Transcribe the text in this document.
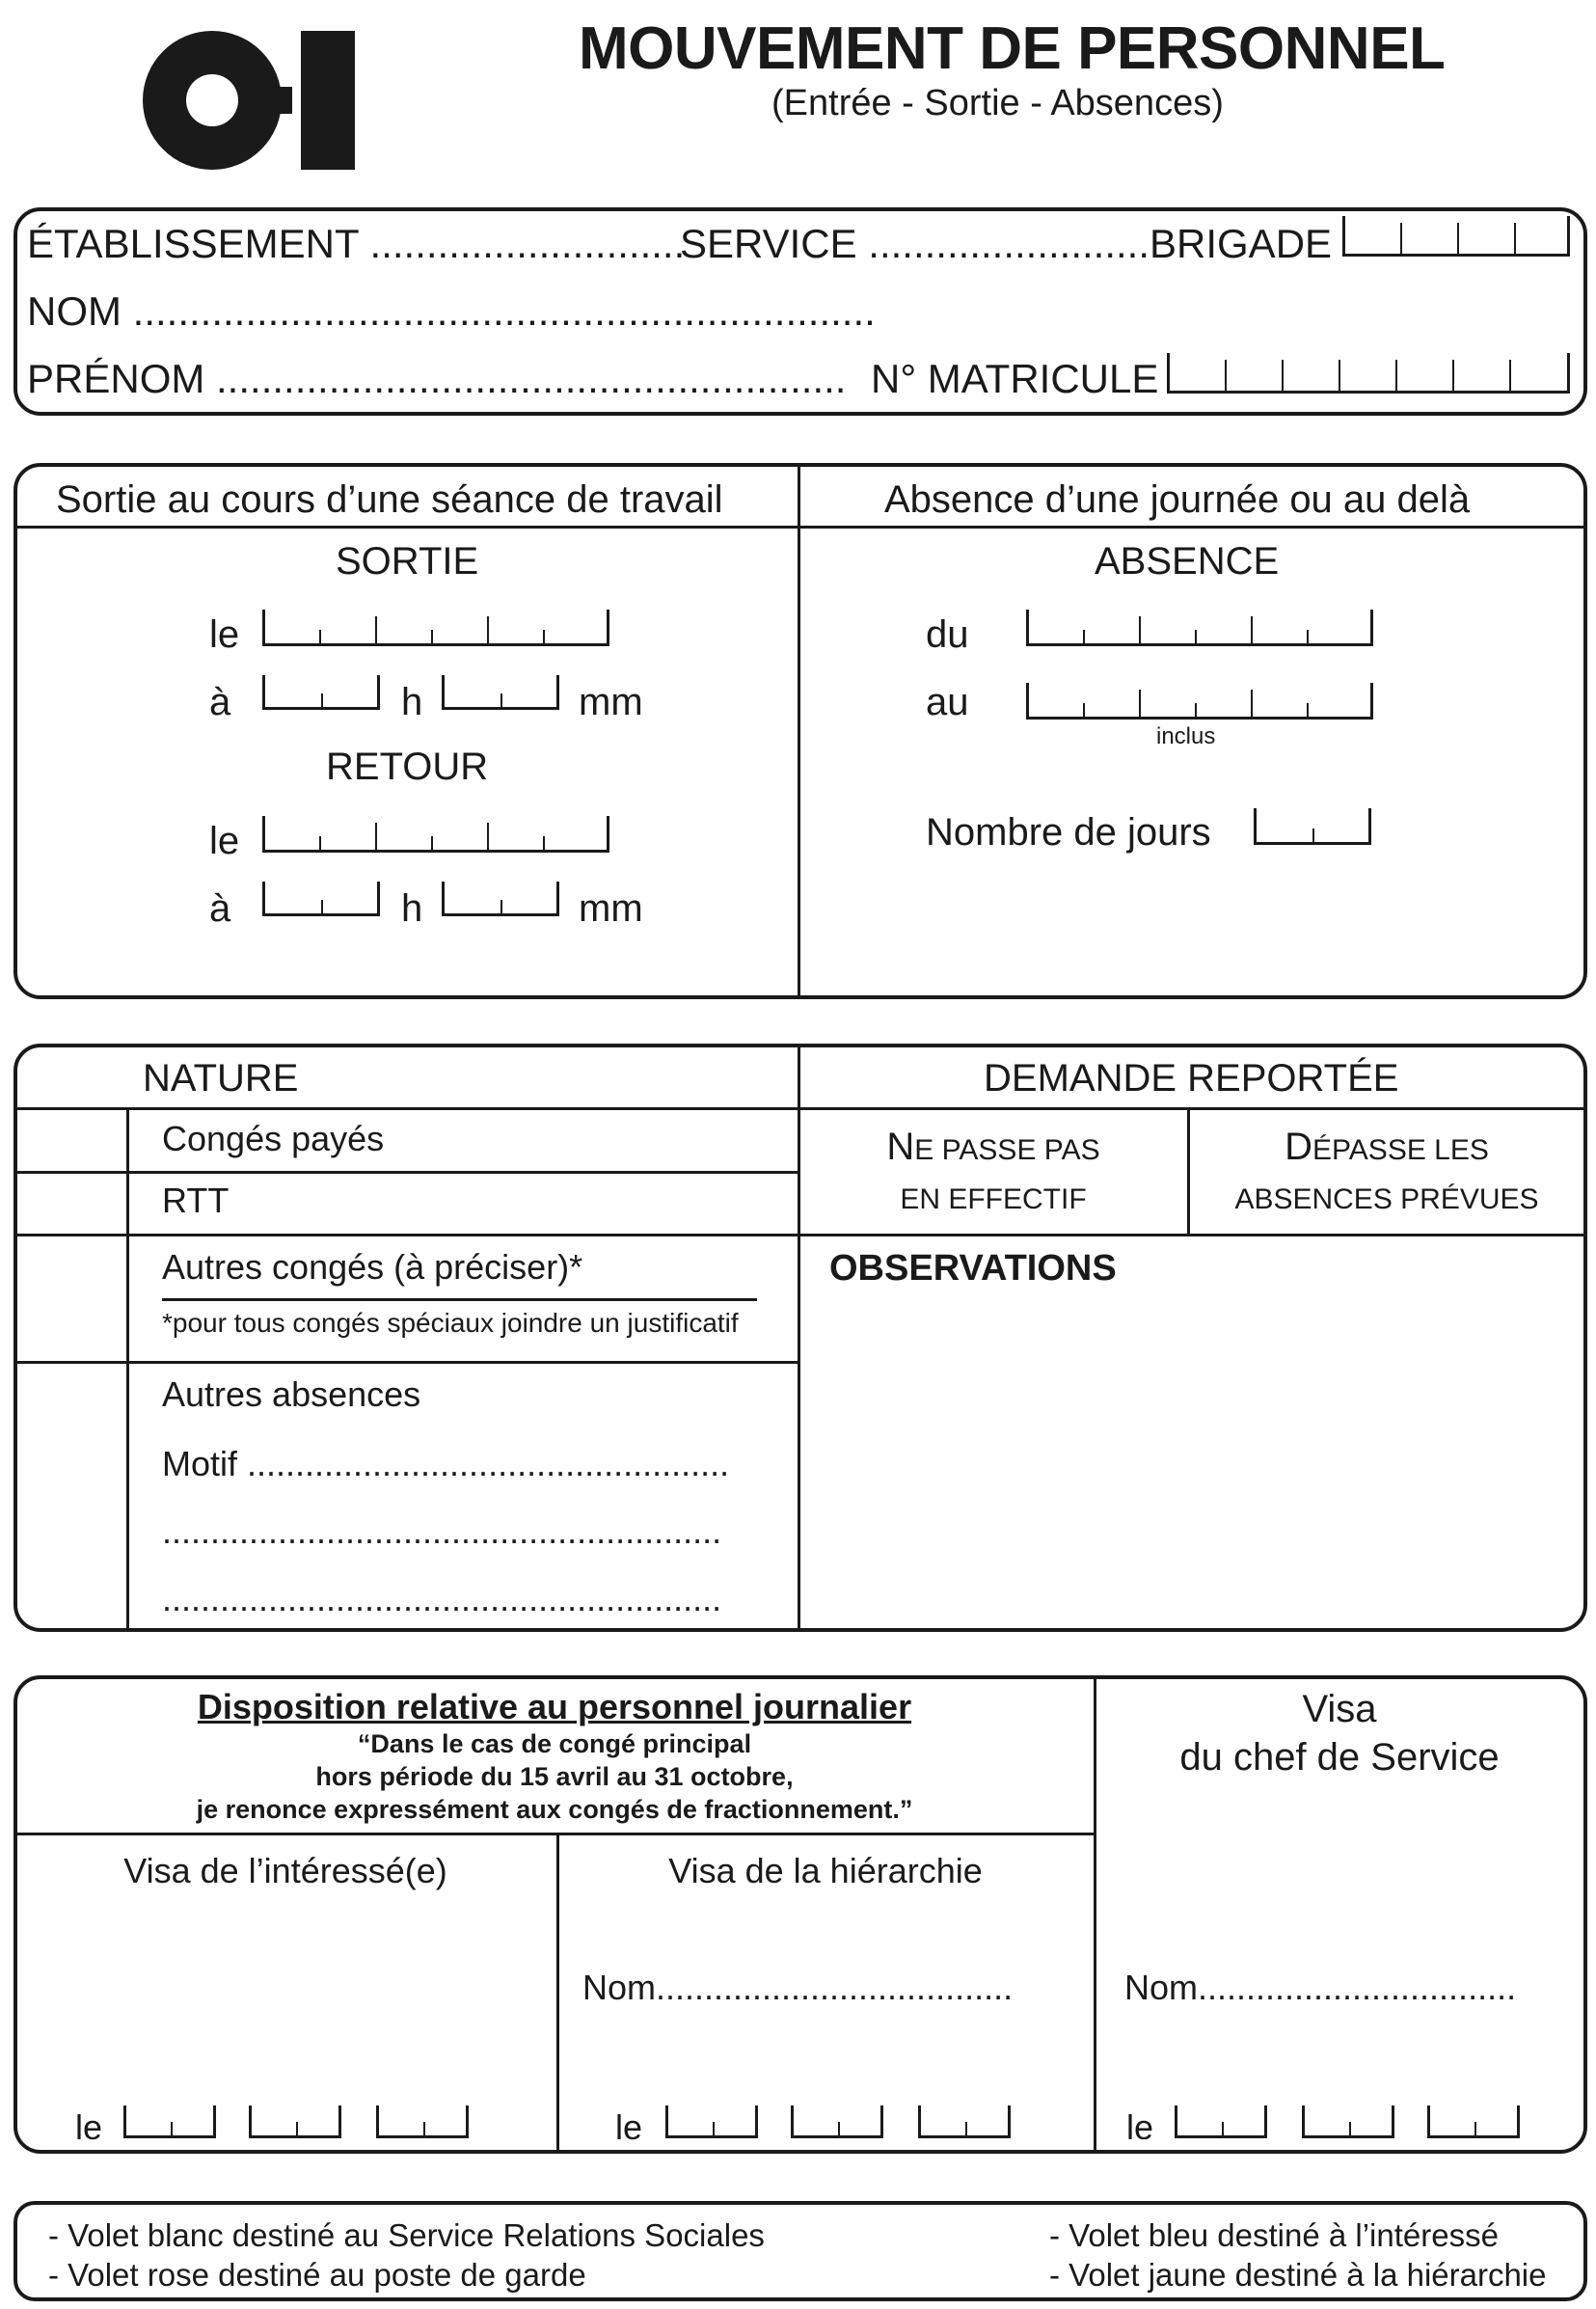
MOUVEMENT DE PERSONNEL
(Entrée - Sortie - Absences)
ÉTABLISSEMENT ............................
SERVICE ......................... BRIGADE
NOM ..................................................................
PRÉNOM ........................................................ N° MATRICULE
Sortie au cours d’une séance de travail	Absence d’une journée ou au delà
SORTIE
le
à	h	mm
RETOUR
le
à	h	mm
ABSENCE
du
au
inclus
Nombre de jours
NATURE	DEMANDE REPORTÉE
Congés payés
RTT
Autres congés (à préciser)*
*pour tous congés spéciaux joindre un justificatif
Autres absences
Motif ..................................................
..........................................................
..........................................................
NE PASSE PAS
EN EFFECTIF
DÉPASSE LES
ABSENCES PRÉVUES
OBSERVATIONS
Disposition relative au personnel journalier
“Dans le cas de congé principal
hors période du 15 avril au 31 octobre,
je renonce expressément aux congés de fractionnement.”
Visa de l’intéressé(e)
le
Visa de la hiérarchie
Nom.....................................
le
Visa
du chef de Service
Nom.................................
le
- Volet blanc destiné au Service Relations Sociales
- Volet rose destiné au poste de garde
- Volet bleu destiné à l’intéressé
- Volet jaune destiné à la hiérarchie
